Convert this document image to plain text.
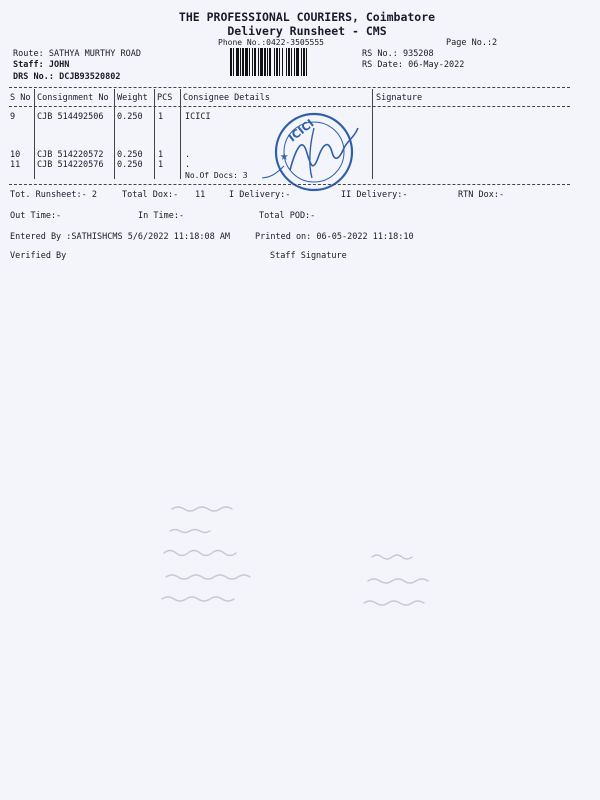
THE PROFESSIONAL COURIERS, Coimbatore
Delivery Runsheet - CMS
Phone No.:0422-3505555	Page No.:2
Route: SATHYA MURTHY ROAD
Staff: JOHN
DRS No.: DCJB93520802
RS No.: 935208
RS Date: 06-May-2022
S No Consignment No Weight PCS Consignee Details	Signature
9	CJB 514492506 0.250 1	ICICI
10 CJB 514220572 0.250 1	.
11 CJB 514220576 0.250 1	.
No.Of Docs: 3
ICICI
★
Tot. Runsheet:- 2	Total Dox:- 11	I Delivery:-	II Delivery:-	RTN Dox:-
Out Time:-	In Time:-	Total POD:-
Entered By :SATHISHCMS 5/6/2022 11:18:08 AM	Printed on: 06-05-2022 11:18:10
Verified By	Staff Signature
